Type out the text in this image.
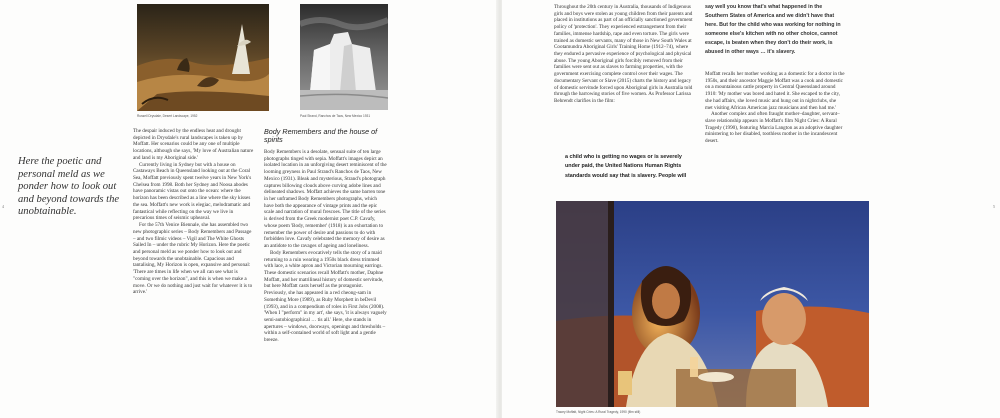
Russell Drysdale, Desert Landscape, 1952	Paul Strand, Ranchos de Taos, New Mexico 1931
Here the poetic and personal meld as we ponder how to look out and beyond towards the unobtainable.

The despair induced by the endless heat and drought depicted in Drysdale's rural landscapes is taken up by Moffatt. Her scenarios could be any one of multiple locations, although she says, 'My love of Australian nature and land is my Aboriginal side.'

Currently living in Sydney but with a house on Castaways Beach in Queensland looking out at the Coral Sea, Moffatt previously spent twelve years in New York's Chelsea from 1998. Both her Sydney and Noosa abodes have panoramic vistas out onto the ocean: where the horizon has been described as a line where the sky kisses the sea. Moffatt's new work is elegiac, melodramatic and fantastical while reflecting on the way we live in precarious times of seismic upheaval.

For the 57th Venice Biennale, she has assembled two new photographic series – Body Remembers and Passage – and two filmic videos – Vigil and The White Ghosts Sailed In – under the rubric My Horizon. Here the poetic and personal meld as we ponder how to look out and beyond towards the unobtainable. Capacious and tantalising, My Horizon is open, expansive and personal: 'There are times in life when we all can see what is "coming over the horizon", and this is when we make a move. Or we do nothing and just wait for whatever it is to arrive.'

Body Remembers and the house of spirits

Body Remembers is a desolate, sensual suite of ten large photographs tinged with sepia. Moffatt's images depict an isolated location in an unforgiving desert reminiscent of the looming greyness in Paul Strand's Ranchos de Taos, New Mexico (1931). Bleak and mysterious, Strand's photograph captures billowing clouds above curving adobe lines and delineated shadows. Moffatt achieves the same barren tone in her unframed Body Remembers photographs, which have both the appearance of vintage prints and the epic scale and narration of mural frescoes. The title of the series is derived from the Greek modernist poet C.P. Cavafy, whose poem 'Body, remember' (1918) is an exhortation to remember the power of desire and passions to do with forbidden love. Cavafy celebrated the memory of desire as an antidote to the ravages of ageing and loneliness.

Body Remembers evocatively tells the story of a maid returning to a ruin wearing a 1950s black dress trimmed with lace, a white apron and Victorian mourning earrings. These domestic scenarios recall Moffatt's mother, Daphne Moffatt, and her matrilineal history of domestic servitude, but here Moffatt casts herself as the protagonist. Previously, she has appeared in a red cheong-sam in Something More (1989), as Ruby Morphett in beDevil (1993), and in a compendium of roles in First Jobs (2008). 'When I "perform" in my art', she says, 'it is always vaguely semi-autobiographical … tis all.' Here, she stands in apertures – windows, doorways, openings and thresholds – within a self-contained world of soft light and a gentle breeze.

4

Throughout the 20th century in Australia, thousands of Indigenous girls and boys were stolen as young children from their parents and placed in institutions as part of an officially sanctioned government policy of 'protection'. They experienced estrangement from their families, immense hardship, rape and even torture. The girls were trained as domestic servants, many of those in New South Wales at Cootamundra Aboriginal Girls' Training Home (1912–74), where they endured a pervasive experience of psychological and physical abuse. The young Aboriginal girls forcibly removed from their families were sent out as slaves to farming properties, with the government exercising complete control over their wages. The documentary Servant or Slave (2015) charts the history and legacy of domestic servitude forced upon Aboriginal girls in Australia told through the harrowing stories of five women. As Professor Larissa Behrendt clarifies in the film:

a child who is getting no wages or is severely under paid, the United Nations Human Rights standards would say that is slavery. People will

say well you know that's what happened in the Southern States of America and we didn't have that here. But for the child who was working for nothing in someone else's kitchen with no other choice, cannot escape, is beaten when they don't do their work, is abused in other ways … it's slavery.

Moffatt recalls her mother working as a domestic for a doctor in the 1950s, and their ancestor Maggie Moffatt was a cook and domestic on a mountainous cattle property in Central Queensland around 1910: 'My mother was bored and hated it. She escaped to the city, she had affairs, she loved music and hung out in nightclubs, she met visiting African American jazz musicians and then had me.'

Another complex and often fraught mother–daughter, servant–slave relationship appears in Moffatt's film Night Cries: A Rural Tragedy (1990), featuring Marcia Langton as an adoptive daughter ministering to her disabled, toothless mother in the incandescent desert.

Tracey Moffatt, Night Cries: A Rural Tragedy, 1990 (film still)
5
